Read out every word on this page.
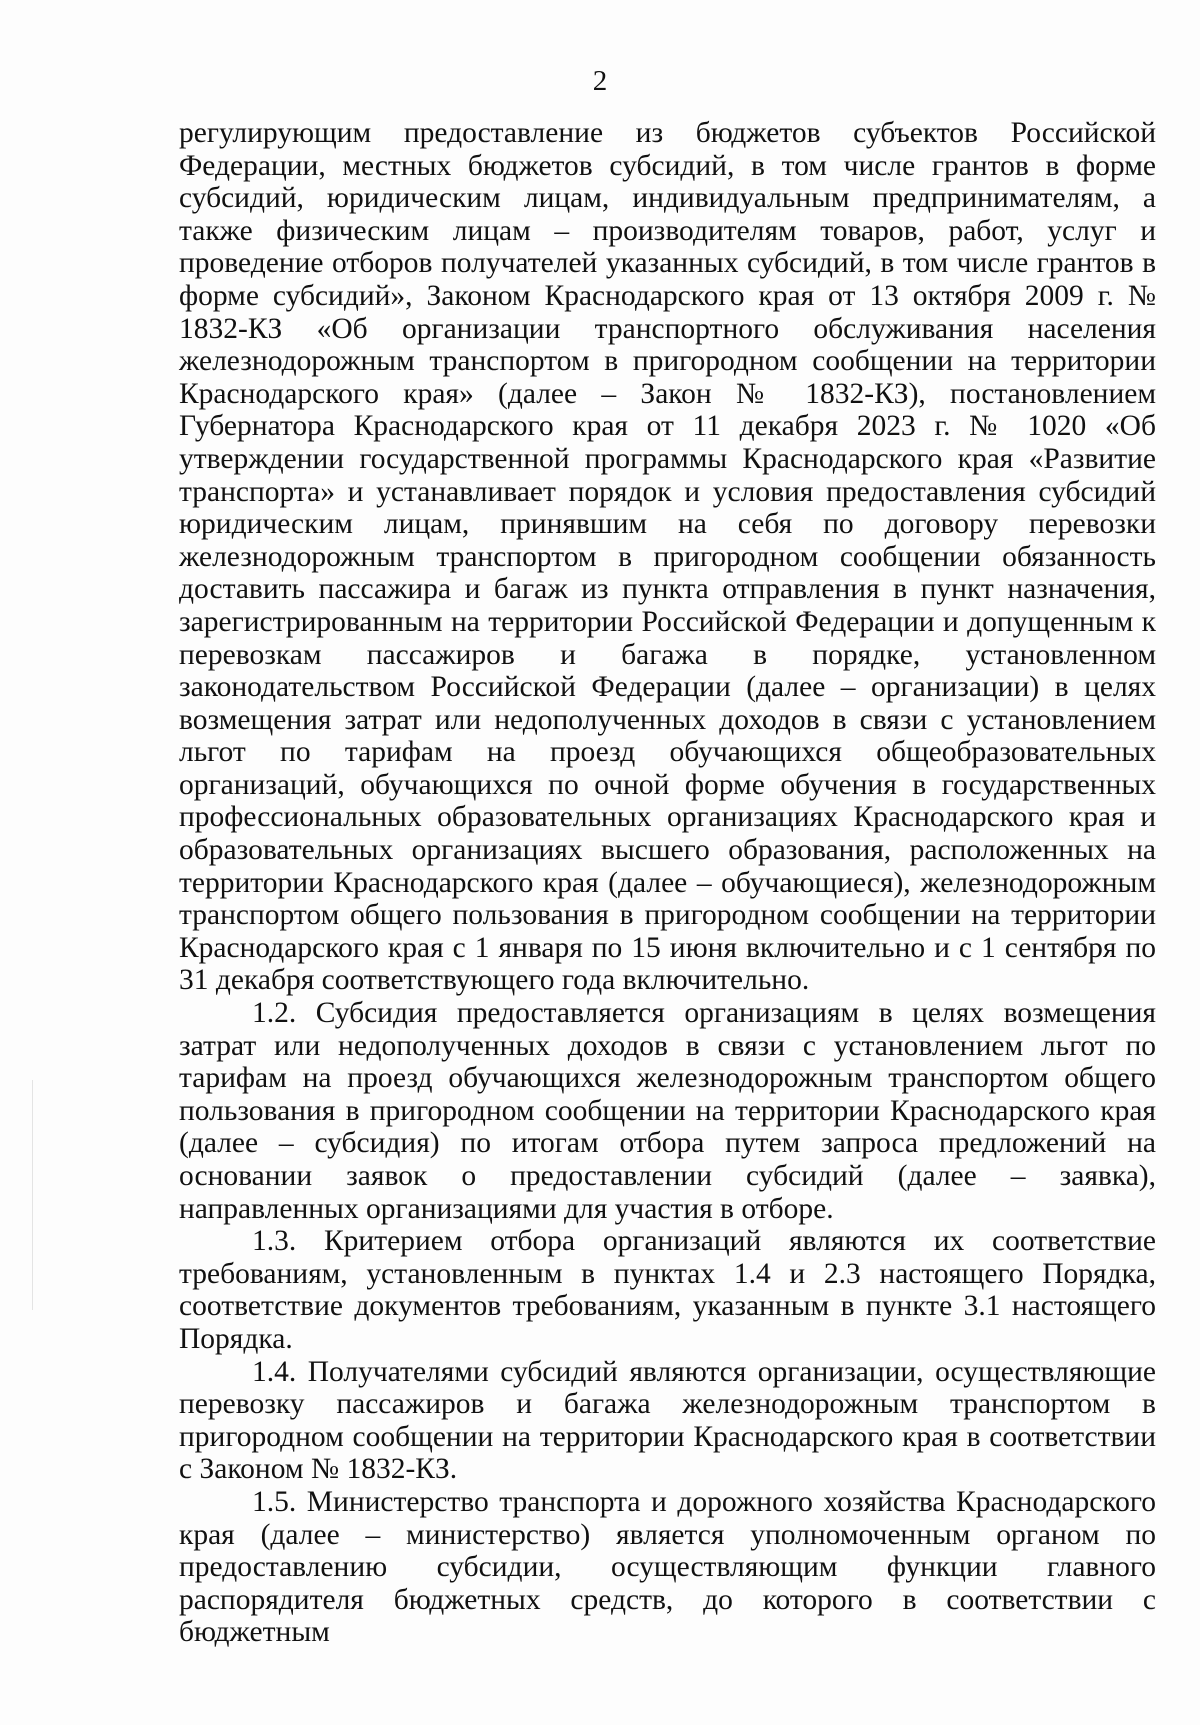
2

регулирующим предоставление из бюджетов субъектов Российской Федерации, местных бюджетов субсидий, в том числе грантов в форме субсидий, юридическим лицам, индивидуальным предпринимателям, а также физическим лицам – производителям товаров, работ, услуг и проведение отборов получателей указанных субсидий, в том числе грантов в форме субсидий», Законом Краснодарского края от 13 октября 2009 г. № 1832-КЗ «Об организации транспортного обслуживания населения железнодорожным транспортом в пригородном сообщении на территории Краснодарского края» (далее – Закон № 1832-КЗ), постановлением Губернатора Краснодарского края от 11 декабря 2023 г. № 1020 «Об утверждении государственной программы Краснодарского края «Развитие транспорта» и устанавливает порядок и условия предоставления субсидий юридическим лицам, принявшим на себя по договору перевозки железнодорожным транспортом в пригородном сообщении обязанность доставить пассажира и багаж из пункта отправления в пункт назначения, зарегистрированным на территории Российской Федерации и допущенным к перевозкам пассажиров и багажа в порядке, установленном законодательством Российской Федерации (далее – организации) в целях возмещения затрат или недополученных доходов в связи с установлением льгот по тарифам на проезд обучающихся общеобразовательных организаций, обучающихся по очной форме обучения в государственных профессиональных образовательных организациях Краснодарского края и образовательных организациях высшего образования, расположенных на территории Краснодарского края (далее – обучающиеся), железнодорожным транспортом общего пользования в пригородном сообщении на территории Краснодарского края с 1 января по 15 июня включительно и с 1 сентября по 31 декабря соответствующего года включительно.

1.2. Субсидия предоставляется организациям в целях возмещения затрат или недополученных доходов в связи с установлением льгот по тарифам на проезд обучающихся железнодорожным транспортом общего пользования в пригородном сообщении на территории Краснодарского края (далее – субсидия) по итогам отбора путем запроса предложений на основании заявок о предоставлении субсидий (далее – заявка), направленных организациями для участия в отборе.

1.3. Критерием отбора организаций являются их соответствие требованиям, установленным в пунктах 1.4 и 2.3 настоящего Порядка, соответствие документов требованиям, указанным в пункте 3.1 настоящего Порядка.

1.4. Получателями субсидий являются организации, осуществляющие перевозку пассажиров и багажа железнодорожным транспортом в пригородном сообщении на территории Краснодарского края в соответствии с Законом № 1832-КЗ.

1.5. Министерство транспорта и дорожного хозяйства Краснодарского края (далее – министерство) является уполномоченным органом по предоставлению субсидии, осуществляющим функции главного распорядителя бюджетных средств, до которого в соответствии с бюджетным
